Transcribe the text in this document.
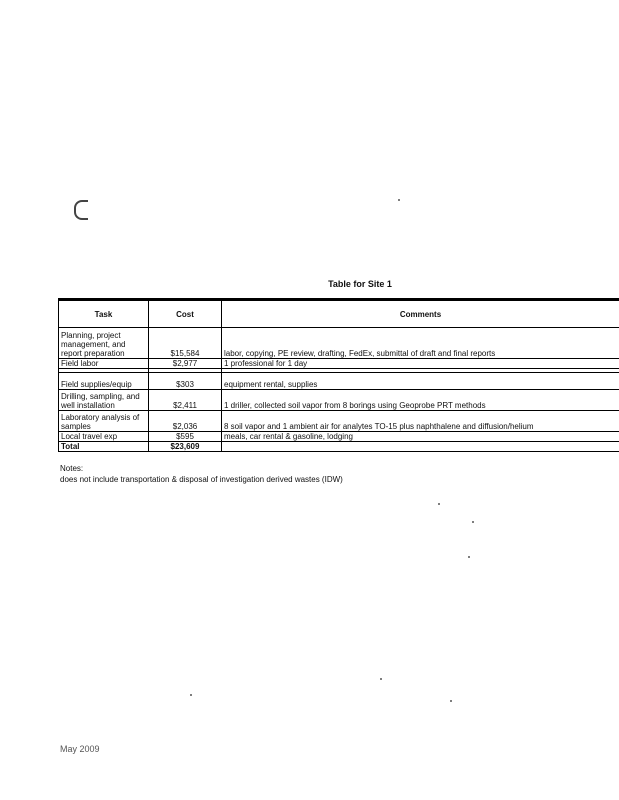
Table for Site 1
Task	Cost	Comments
Planning, project management, and report preparation	$15,584	labor, copying, PE review, drafting, FedEx, submittal of draft and final reports
Field labor	$2,977	1 professional for 1 day

Field supplies/equip	$303	equipment rental, supplies
Drilling, sampling, and well installation	$2,411	1 driller, collected soil vapor from 8 borings using Geoprobe PRT methods
Laboratory analysis of samples	$2,036	8 soil vapor and 1 ambient air for analytes TO-15 plus naphthalene and diffusion/helium
Local travel exp	$595	meals, car rental & gasoline, lodging
Total	$23,609	
Notes:
does not include transportation & disposal of investigation derived wastes (IDW)
May 2009
